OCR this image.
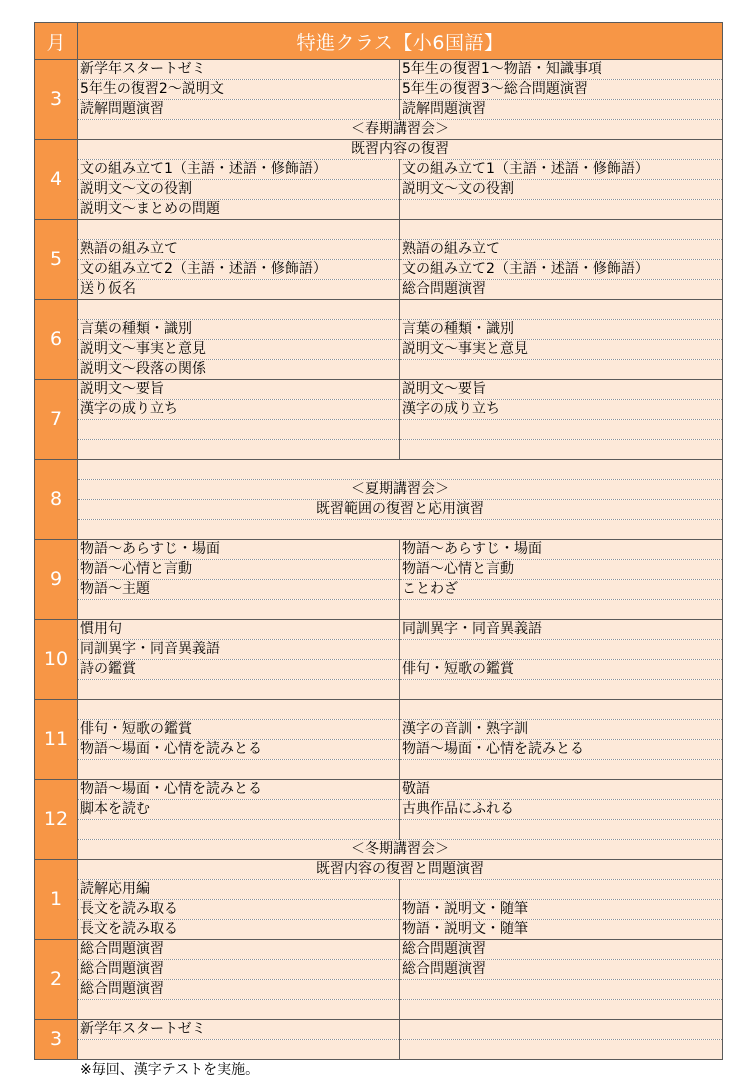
月	特進クラス【小6国語】	
3	新学年スタートゼミ	5年生の復習1～物語・知識事項
	5年生の復習2～説明文	5年生の復習3～総合問題演習
	読解問題演習	読解問題演習
	＜春期講習会＞	
4	既習内容の復習	
	文の組み立て1（主語・述語・修飾語）	文の組み立て1（主語・述語・修飾語）
	説明文～文の役割	説明文～文の役割
	説明文～まとめの問題	
5		
	熟語の組み立て	熟語の組み立て
	文の組み立て2（主語・述語・修飾語）	文の組み立て2（主語・述語・修飾語）
	送り仮名	総合問題演習
6		
	言葉の種類・識別	言葉の種類・識別
	説明文～事実と意見	説明文～事実と意見
	説明文～段落の関係	
7	説明文～要旨	説明文～要旨
	漢字の成り立ち	漢字の成り立ち

8		
	＜夏期講習会＞	
	既習範囲の復習と応用演習	

9	物語～あらすじ・場面	物語～あらすじ・場面
	物語～心情と言動	物語～心情と言動
	物語～主題	ことわざ

10	慣用句	同訓異字・同音異義語
	同訓異字・同音異義語	
	詩の鑑賞	俳句・短歌の鑑賞

11		
	俳句・短歌の鑑賞	漢字の音訓・熟字訓
	物語～場面・心情を読みとる	物語～場面・心情を読みとる

12	物語～場面・心情を読みとる	敬語
	脚本を読む	古典作品にふれる

	＜冬期講習会＞	
1	既習内容の復習と問題演習	
	読解応用編	
	長文を読み取る	物語・説明文・随筆
	長文を読み取る	物語・説明文・随筆
2	総合問題演習	総合問題演習
	総合問題演習	総合問題演習
	総合問題演習	

3	新学年スタートゼミ	

※毎回、漢字テストを実施。
